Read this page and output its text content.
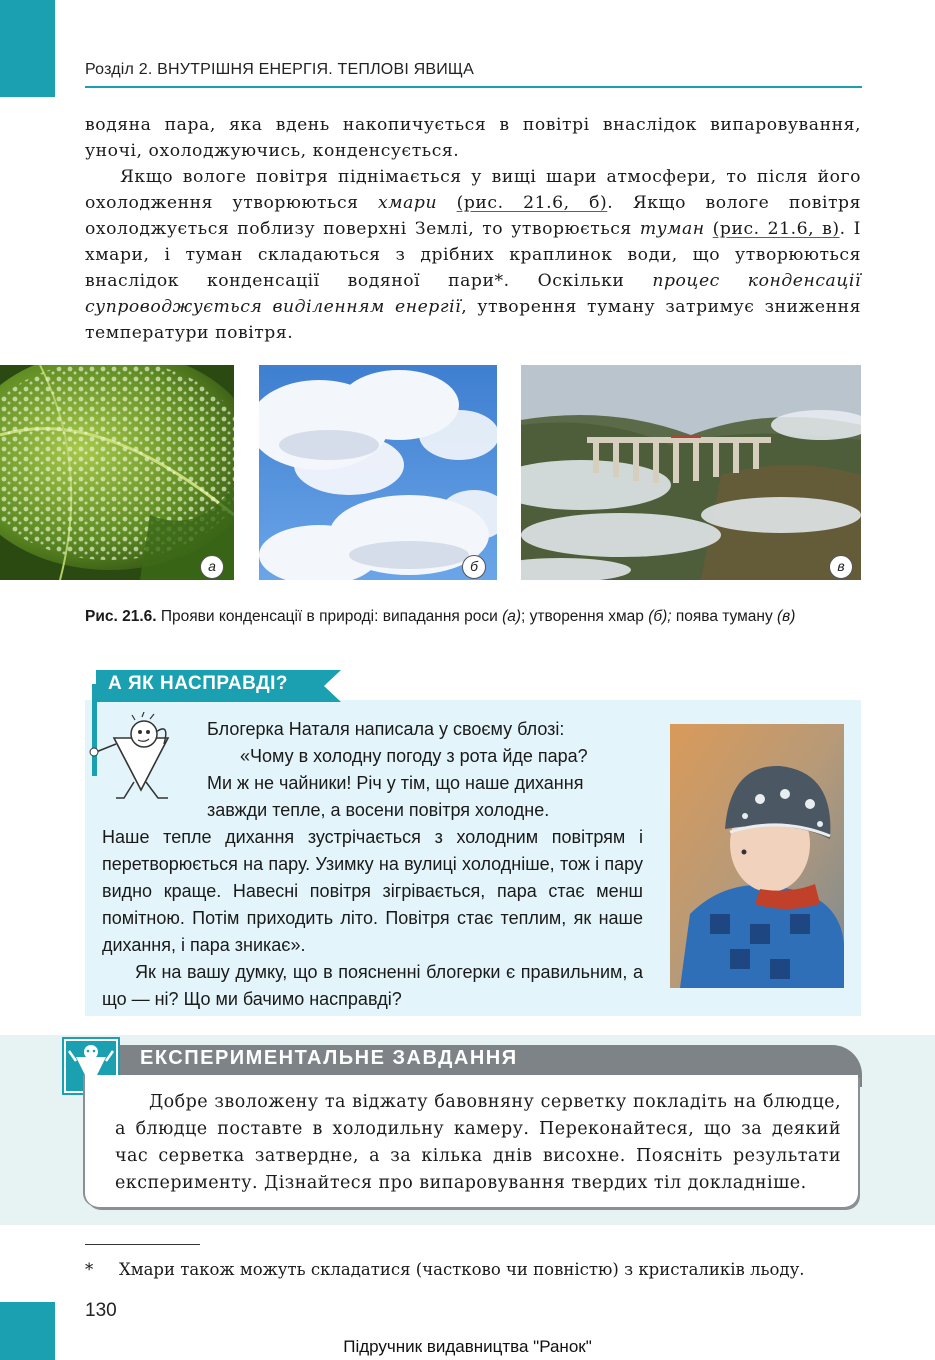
Розділ 2. ВНУТРІШНЯ ЕНЕРГІЯ. ТЕПЛОВІ ЯВИЩА

водяна пара, яка вдень накопичується в повітрі внаслідок випаровування, уночі, охолоджуючись, конденсується.

Якщо вологе повітря піднімається у вищі шари атмосфери, то після його охолодження утворюються хмари (рис. 21.6, б). Якщо вологе повітря охолоджується поблизу поверхні Землі, то утворюється туман (рис. 21.6, в). І хмари, і туман складаються з дрібних краплинок води, що утворюються внаслідок конденсації водяної пари*. Оскільки процес конденсації супроводжується виділенням енергії, утворення туману затримує зниження температури повітря.

а	б	в
Рис. 21.6. Прояви конденсації в природі: випадання роси (а); утворення хмар (б); поява туману (в)
А ЯК НАСПРАВДІ?
Блогерка Наталя написала у своєму блозі:
«Чому в холодну погоду з рота йде пара?
Ми ж не чайники! Річ у тім, що наше дихання
завжди тепле, а восени повітря холодне.

Наше тепле дихання зустрічається з холодним повітрям і перетворюється на пару. Узимку на вулиці холодніше, тож і пару видно краще. Навесні повітря зігрівається, пара стає менш помітною. Потім приходить літо. Повітря стає теплим, як наше дихання, і пара зникає».

Як на вашу думку, що в поясненні блогерки є правильним, а що — ні? Що ми бачимо насправді?

ЕКСПЕРИМЕНТАЛЬНЕ ЗАВДАННЯ

Добре зволожену та віджату бавовняну серветку покладіть на блюдце, а блюдце поставте в холодильну камеру. Переконайтеся, що за деякий час серветка затвердне, а за кілька днів висохне. Поясніть результати експерименту. Дізнайтеся про випаровування твердих тіл докладніше.

* Хмари також можуть складатися (частково чи повністю) з кристаликів льоду.
130
Підручник видавництва "Ранок"
